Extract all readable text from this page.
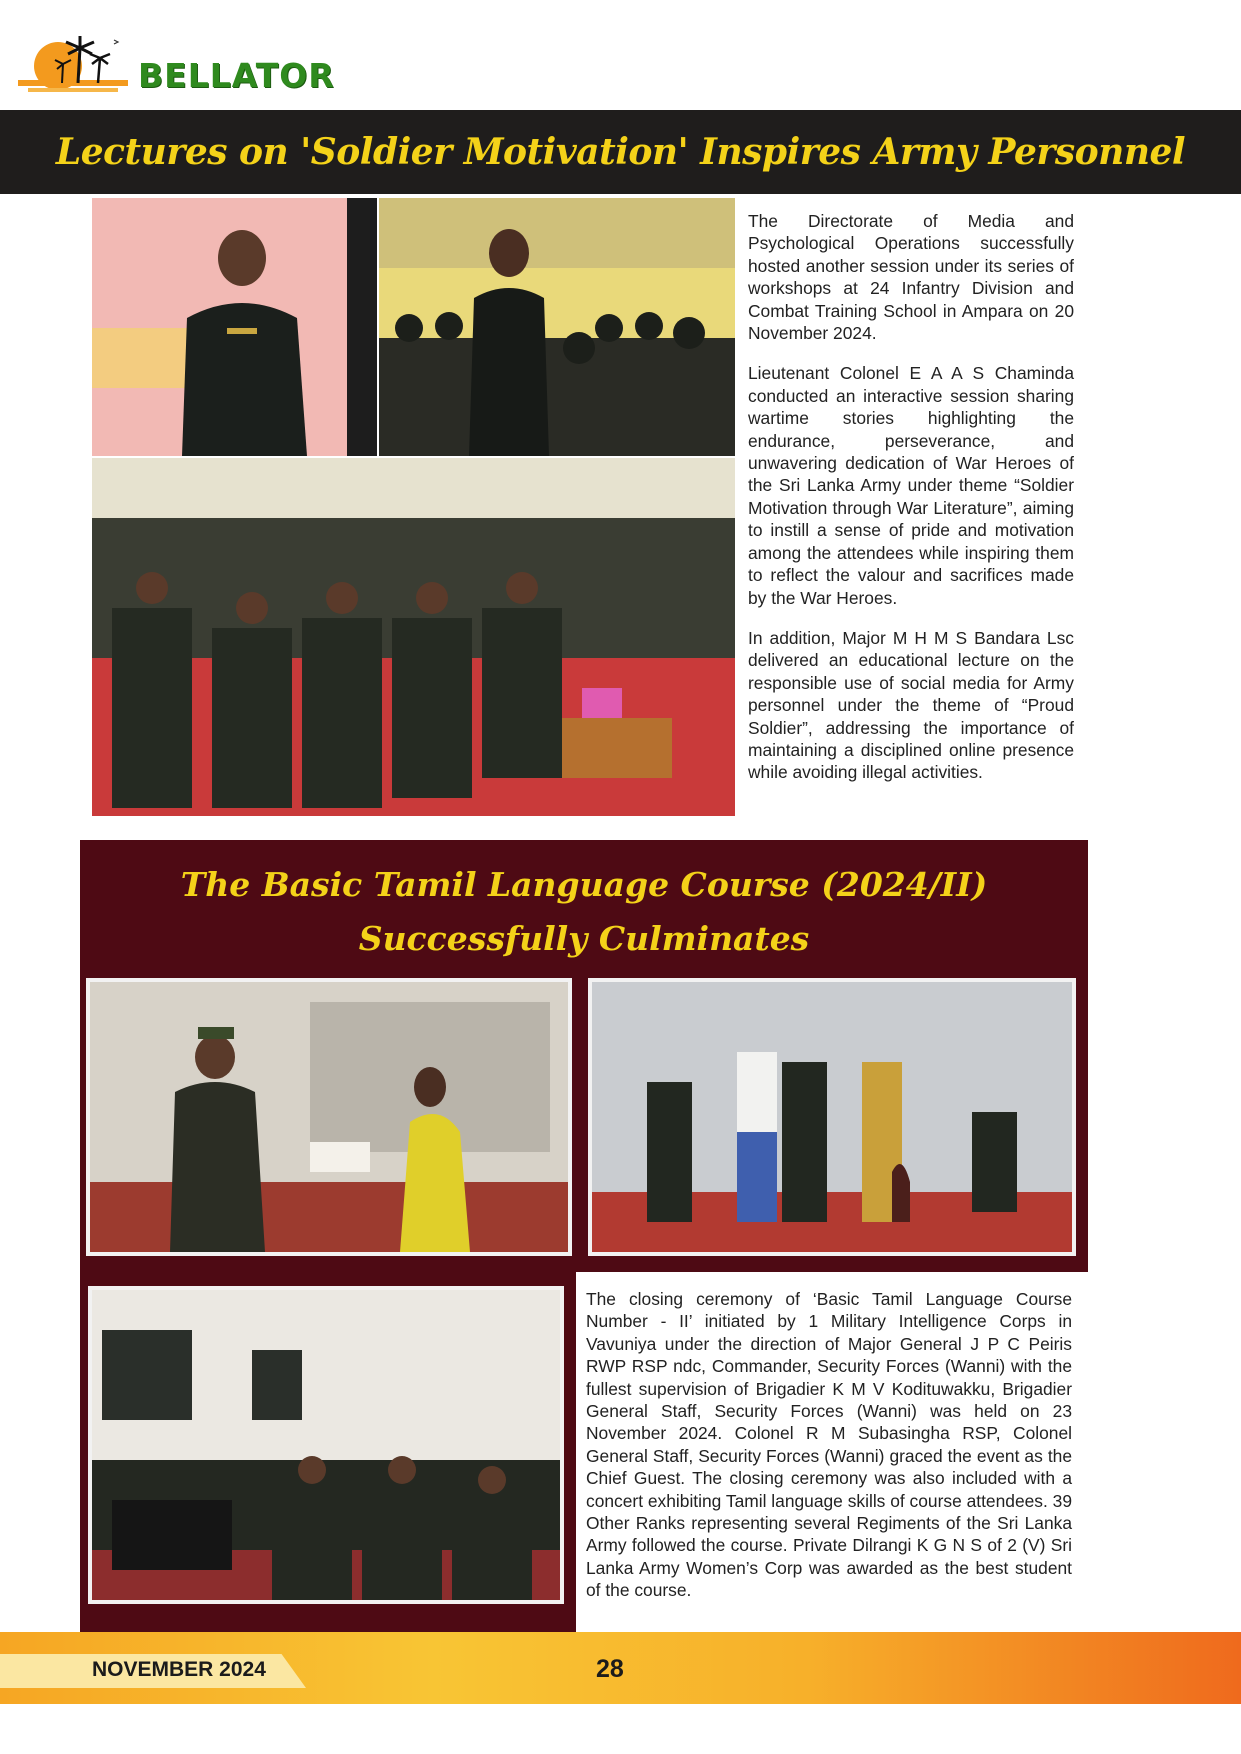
BELLATOR
Lectures on 'Soldier Motivation' Inspires Army Personnel

The Directorate of Media and Psychological Operations successfully hosted another session under its series of workshops at 24 Infantry Division and Combat Training School in Ampara on 20 November 2024.

Lieutenant Colonel E A A S Chaminda conducted an interactive session sharing wartime stories highlighting the endurance, perseverance, and unwavering dedication of War Heroes of the Sri Lanka Army under theme “Soldier Motivation through War Literature”, aiming to instill a sense of pride and motivation among the attendees while inspiring them to reflect the valour and sacrifices made by the War Heroes.

In addition, Major M H M S Bandara Lsc delivered an educational lecture on the responsible use of social media for Army personnel under the theme of “Proud Soldier”, addressing the importance of maintaining a disciplined online presence while avoiding illegal activities.

The Basic Tamil Language Course (2024/II)
Successfully Culminates

The closing ceremony of ‘Basic Tamil Language Course Number - II’ initiated by 1 Military Intelligence Corps in Vavuniya under the direction of Major General J P C Peiris RWP RSP ndc, Commander, Security Forces (Wanni) with the fullest supervision of Brigadier K M V Kodituwakku, Brigadier General Staff, Security Forces (Wanni) was held on 23 November 2024. Colonel R M Subasingha RSP, Colonel General Staff, Security Forces (Wanni) graced the event as the Chief Guest. The closing ceremony was also included with a concert exhibiting Tamil language skills of course attendees. 39 Other Ranks representing several Regiments of the Sri Lanka Army followed the course. Private Dilrangi K G N S of 2 (V) Sri Lanka Army Women’s Corp was awarded as the best student of the course.

NOVEMBER 2024	28
